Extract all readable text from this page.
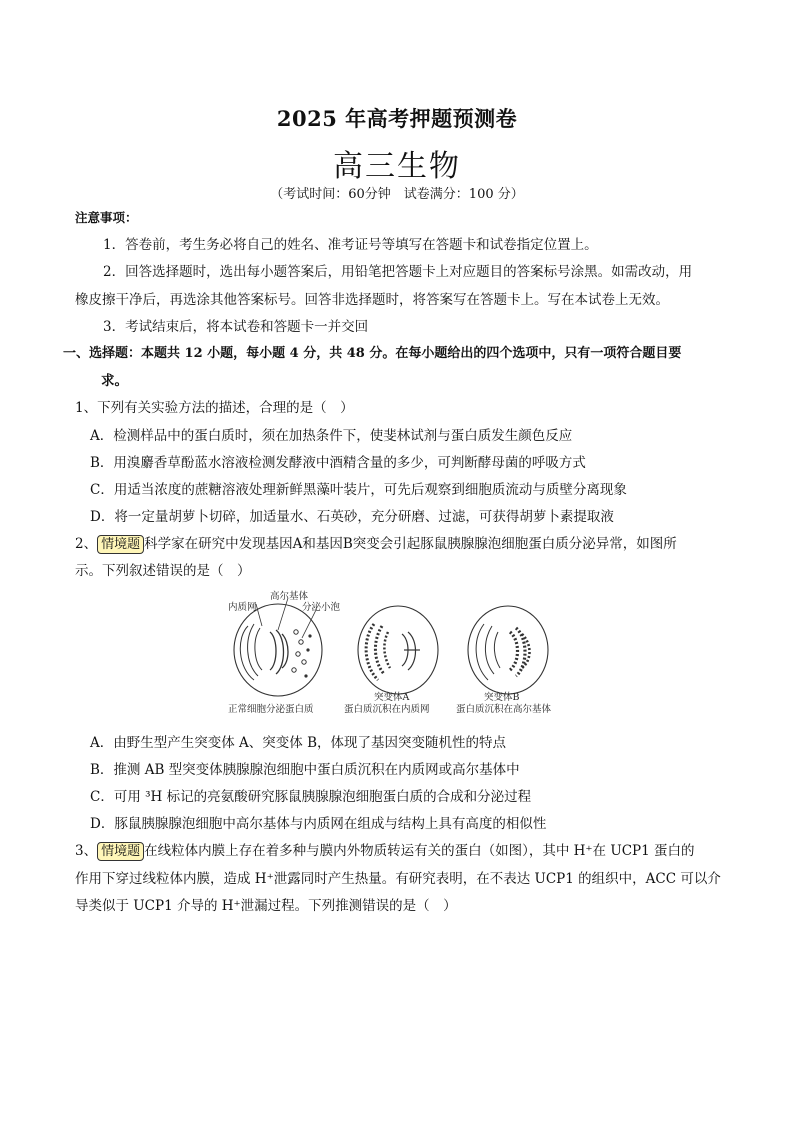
2025 年高考押题预测卷
高三生物
（考试时间：60分钟　试卷满分：100 分）
注意事项：
1．答卷前，考生务必将自己的姓名、准考证号等填写在答题卡和试卷指定位置上。
2．回答选择题时，选出每小题答案后，用铅笔把答题卡上对应题目的答案标号涂黑。如需改动，用
橡皮擦干净后，再选涂其他答案标号。回答非选择题时，将答案写在答题卡上。写在本试卷上无效。
3．考试结束后，将本试卷和答题卡一并交回
一、选择题：本题共 12 小题，每小题 4 分，共 48 分。在每小题给出的四个选项中，只有一项符合题目要
求。
1、下列有关实验方法的描述，合理的是（　）
A．检测样品中的蛋白质时，须在加热条件下，使斐林试剂与蛋白质发生颜色反应
B．用溴麝香草酚蓝水溶液检测发酵液中酒精含量的多少，可判断酵母菌的呼吸方式
C．用适当浓度的蔗糖溶液处理新鲜黑藻叶装片，可先后观察到细胞质流动与质壁分离现象
D．将一定量胡萝卜切碎，加适量水、石英砂，充分研磨、过滤，可获得胡萝卜素提取液
2、 情境题 科学家在研究中发现基因A和基因B突变会引起豚鼠胰腺腺泡细胞蛋白质分泌异常，如图所
示。下列叙述错误的是（　）
高尔基体
内质网	分泌小泡
正常细胞分泌蛋白质
突变体A
蛋白质沉积在内质网
突变体B
蛋白质沉积在高尔基体
A．由野生型产生突变体 A、突变体 B，体现了基因突变随机性的特点
B．推测 AB 型突变体胰腺腺泡细胞中蛋白质沉积在内质网或高尔基体中
C．可用 ³H 标记的亮氨酸研究豚鼠胰腺腺泡细胞蛋白质的合成和分泌过程
D．豚鼠胰腺腺泡细胞中高尔基体与内质网在组成与结构上具有高度的相似性
3、 情境题 在线粒体内膜上存在着多种与膜内外物质转运有关的蛋白（如图），其中 H⁺在 UCP1 蛋白的
作用下穿过线粒体内膜，造成 H⁺泄露同时产生热量。有研究表明，在不表达 UCP1 的组织中，ACC 可以介
导类似于 UCP1 介导的 H⁺泄漏过程。下列推测错误的是（　）
